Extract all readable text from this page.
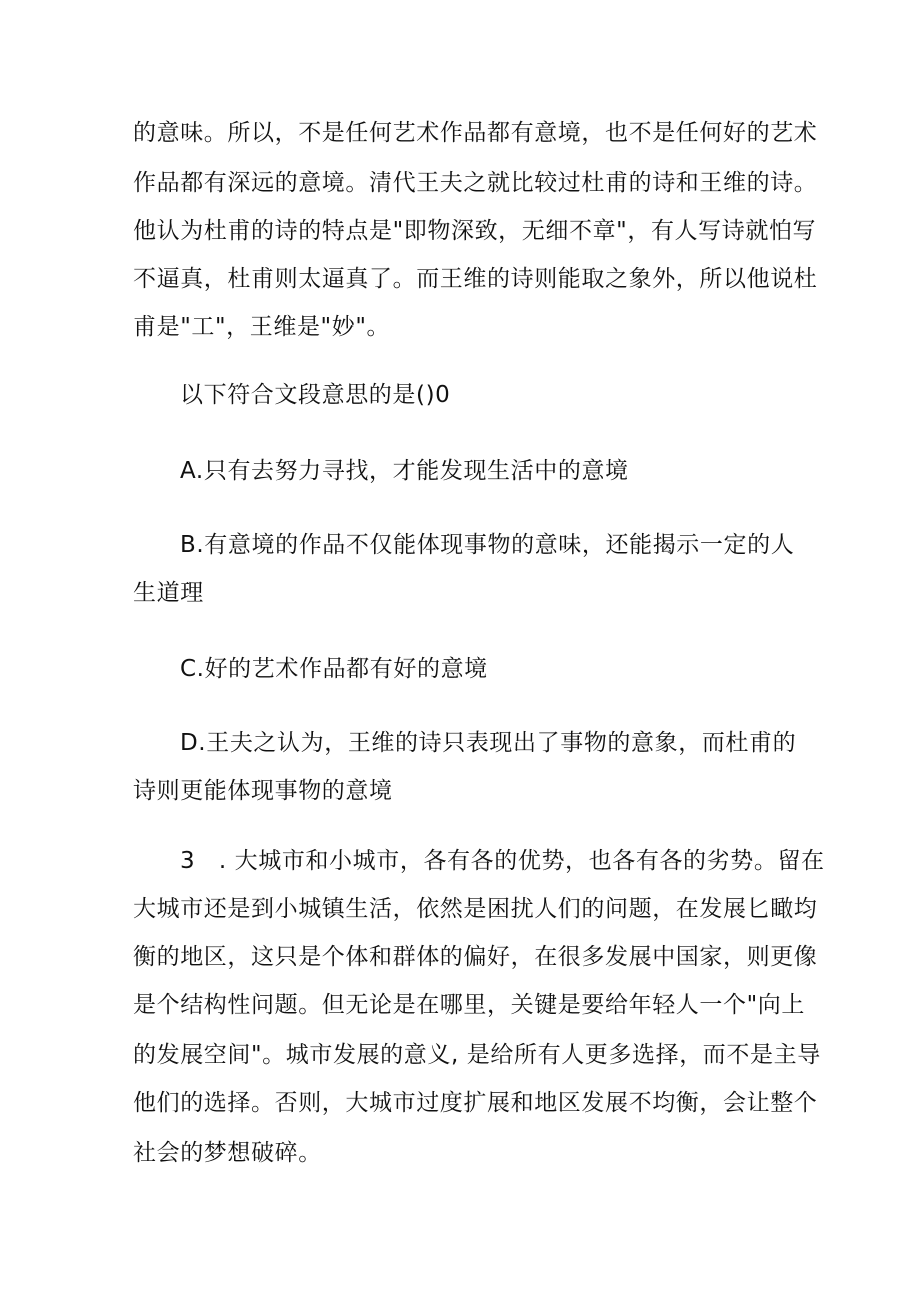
的意味。所以，不是任何艺术作品都有意境，也不是任何好的艺术
作品都有深远的意境。清代王夫之就比较过杜甫的诗和王维的诗。
他认为杜甫的诗的特点是"即物深致，无细不章"，有人写诗就怕写
不逼真，杜甫则太逼真了。而王维的诗则能取之象外，所以他说杜
甫是"工"，王维是"妙"。
以下符合文段意思的是()0
A.只有去努力寻找，才能发现生活中的意境
B.有意境的作品不仅能体现事物的意味，还能揭示一定的人
生道理
C.好的艺术作品都有好的意境
D.王夫之认为，王维的诗只表现出了事物的意象，而杜甫的
诗则更能体现事物的意境
3　. 大城市和小城市，各有各的优势，也各有各的劣势。留在
大城市还是到小城镇生活，依然是困扰人们的问题，在发展匕瞰均
衡的地区，这只是个体和群体的偏好，在很多发展中国家，则更像
是个结构性问题。但无论是在哪里，关键是要给年轻人一个"向上
的发展空间"。城市发展的意义, 是给所有人更多选择，而不是主导
他们的选择。否则，大城市过度扩展和地区发展不均衡，会让整个
社会的梦想破碎。
